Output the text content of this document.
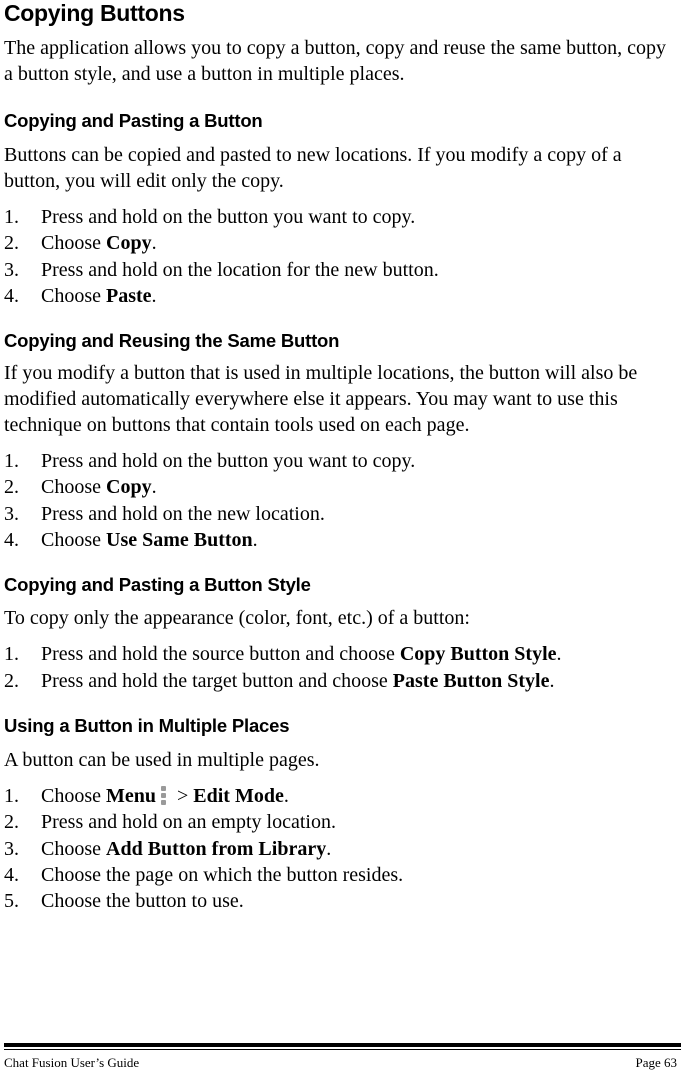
Copying Buttons

The application allows you to copy a button, copy and reuse the same button, copy a button style, and use a button in multiple places.

Copying and Pasting a Button

Buttons can be copied and pasted to new locations. If you modify a copy of a button, you will edit only the copy.

1. Press and hold on the button you want to copy.
2. Choose Copy.
3. Press and hold on the location for the new button.
4. Choose Paste.
Copying and Reusing the Same Button

If you modify a button that is used in multiple locations, the button will also be modified automatically everywhere else it appears. You may want to use this technique on buttons that contain tools used on each page.

1. Press and hold on the button you want to copy.
2. Choose Copy.
3. Press and hold on the new location.
4. Choose Use Same Button.
Copying and Pasting a Button Style

To copy only the appearance (color, font, etc.) of a button:

1. Press and hold the source button and choose Copy Button Style.
2. Press and hold the target button and choose Paste Button Style.
Using a Button in Multiple Places

A button can be used in multiple pages.

1. Choose Menu
> Edit Mode.
2. Press and hold on an empty location.
3. Choose Add Button from Library.
4. Choose the page on which the button resides.
5. Choose the button to use.
Chat Fusion User’s Guide	Page 63
